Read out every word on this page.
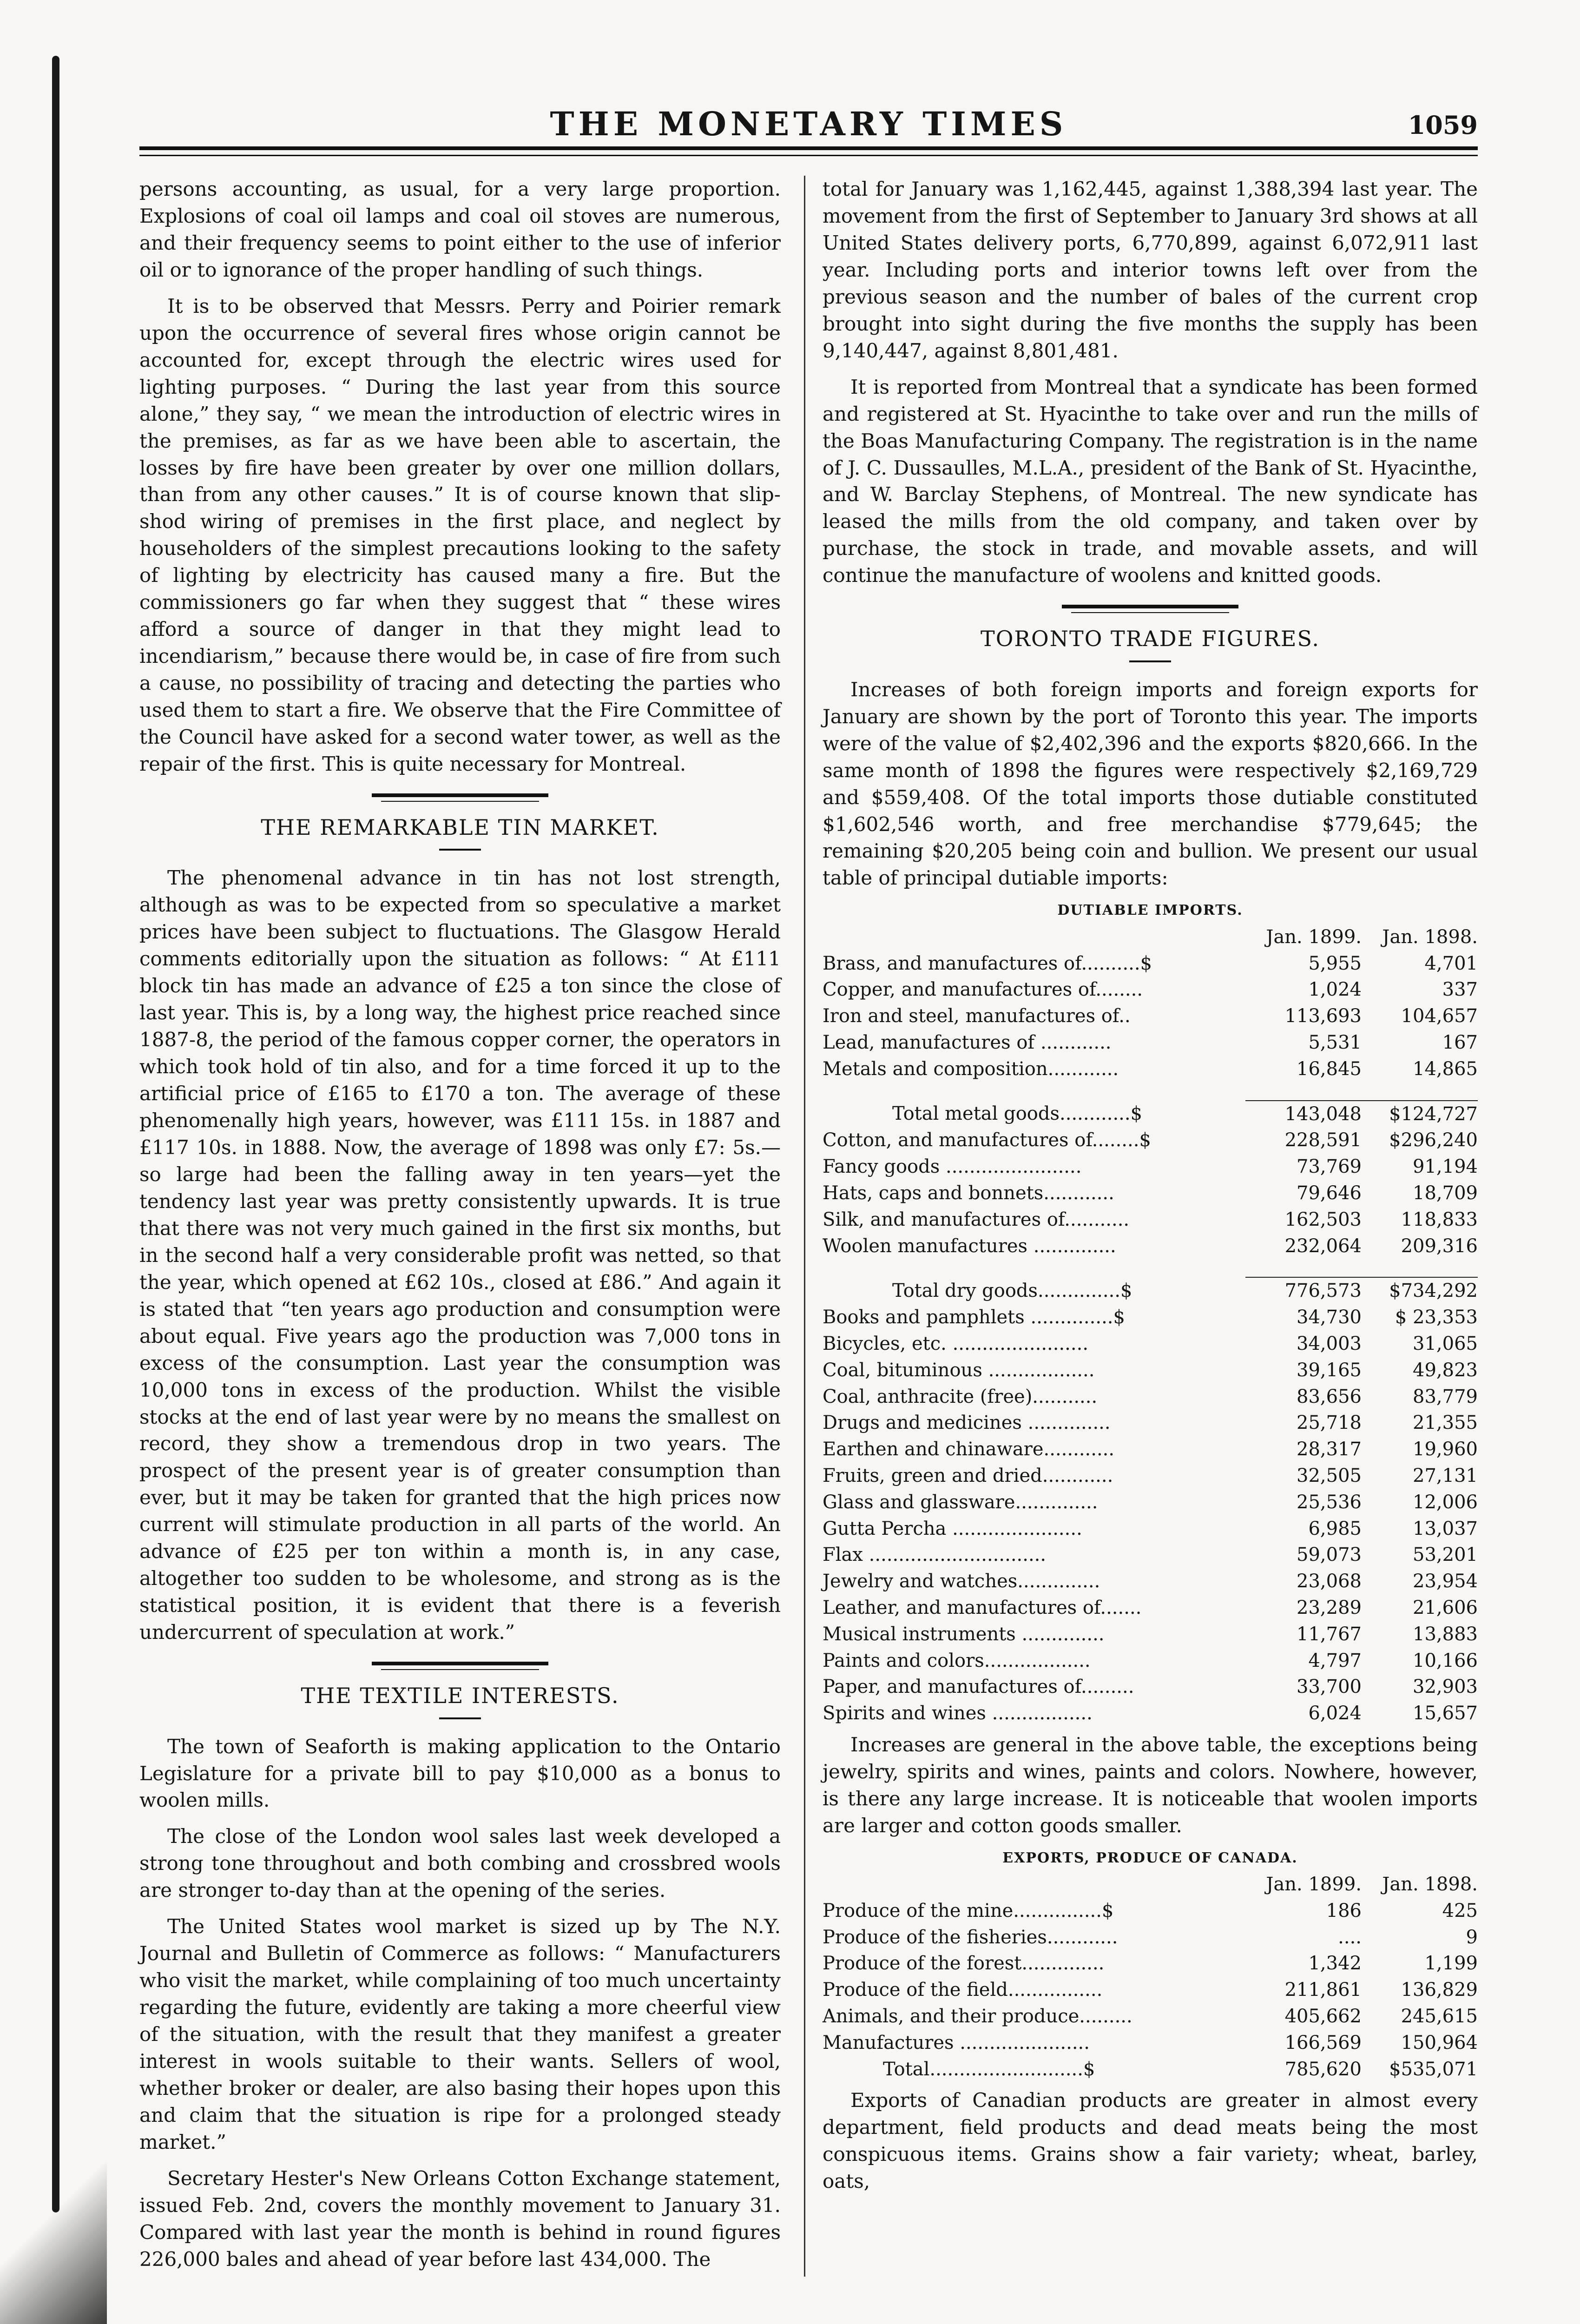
THE MONETARY TIMES	1059

persons accounting, as usual, for a very large proportion. Explosions of coal oil lamps and coal oil stoves are numerous, and their frequency seems to point either to the use of inferior oil or to ignorance of the proper handling of such things.

It is to be observed that Messrs. Perry and Poirier remark upon the occurrence of several fires whose origin cannot be accounted for, except through the electric wires used for lighting purposes. “ During the last year from this source alone,” they say, “ we mean the introduction of electric wires in the premises, as far as we have been able to ascertain, the losses by fire have been greater by over one million dollars, than from any other causes.” It is of course known that slip-shod wiring of premises in the first place, and neglect by householders of the simplest precautions looking to the safety of lighting by electricity has caused many a fire. But the commissioners go far when they suggest that “ these wires afford a source of danger in that they might lead to incendiarism,” because there would be, in case of fire from such a cause, no possibility of tracing and detecting the parties who used them to start a fire. We observe that the Fire Committee of the Council have asked for a second water tower, as well as the repair of the first. This is quite necessary for Montreal.

THE REMARKABLE TIN MARKET.

The phenomenal advance in tin has not lost strength, although as was to be expected from so speculative a market prices have been subject to fluctuations. The Glasgow Herald comments editorially upon the situation as follows: “ At £111 block tin has made an advance of £25 a ton since the close of last year. This is, by a long way, the highest price reached since 1887-8, the period of the famous copper corner, the operators in which took hold of tin also, and for a time forced it up to the artificial price of £165 to £170 a ton. The average of these phenomenally high years, however, was £111 15s. in 1887 and £117 10s. in 1888. Now, the average of 1898 was only £7: 5s.—so large had been the falling away in ten years—yet the tendency last year was pretty consistently upwards. It is true that there was not very much gained in the first six months, but in the second half a very considerable profit was netted, so that the year, which opened at £62 10s., closed at £86.” And again it is stated that “ten years ago production and consumption were about equal. Five years ago the production was 7,000 tons in excess of the consumption. Last year the consumption was 10,000 tons in excess of the production. Whilst the visible stocks at the end of last year were by no means the smallest on record, they show a tremendous drop in two years. The prospect of the present year is of greater consumption than ever, but it may be taken for granted that the high prices now current will stimulate production in all parts of the world. An advance of £25 per ton within a month is, in any case, altogether too sudden to be wholesome, and strong as is the statistical position, it is evident that there is a feverish undercurrent of speculation at work.”

THE TEXTILE INTERESTS.

The town of Seaforth is making application to the Ontario Legislature for a private bill to pay $10,000 as a bonus to woolen mills.

The close of the London wool sales last week developed a strong tone throughout and both combing and crossbred wools are stronger to-day than at the opening of the series.

The United States wool market is sized up by The N.Y. Journal and Bulletin of Commerce as follows: “ Manufacturers who visit the market, while complaining of too much uncertainty regarding the future, evidently are taking a more cheerful view of the situation, with the result that they manifest a greater interest in wools suitable to their wants. Sellers of wool, whether broker or dealer, are also basing their hopes upon this and claim that the situation is ripe for a prolonged steady market.”

Secretary Hester's New Orleans Cotton Exchange statement, issued Feb. 2nd, covers the monthly movement to January 31. Compared with last year the month is behind in round figures 226,000 bales and ahead of year before last 434,000. The

total for January was 1,162,445, against 1,388,394 last year. The movement from the first of September to January 3rd shows at all United States delivery ports, 6,770,899, against 6,072,911 last year. Including ports and interior towns left over from the previous season and the number of bales of the current crop brought into sight during the five months the supply has been 9,140,447, against 8,801,481.

It is reported from Montreal that a syndicate has been formed and registered at St. Hyacinthe to take over and run the mills of the Boas Manufacturing Company. The registration is in the name of J. C. Dussaulles, M.L.A., president of the Bank of St. Hyacinthe, and W. Barclay Stephens, of Montreal. The new syndicate has leased the mills from the old company, and taken over by purchase, the stock in trade, and movable assets, and will continue the manufacture of woolens and knitted goods.

TORONTO TRADE FIGURES.

Increases of both foreign imports and foreign exports for January are shown by the port of Toronto this year. The imports were of the value of $2,402,396 and the exports $820,666. In the same month of 1898 the figures were respectively $2,169,729 and $559,408. Of the total imports those dutiable constituted $1,602,546 worth, and free merchandise $779,645; the remaining $20,205 being coin and bullion. We present our usual table of principal dutiable imports:

DUTIABLE IMPORTS.
	Jan. 1899.	Jan. 1898.
Brass, and manufactures of..........$	5,955	4,701
Copper, and manufactures of........	1,024	337
Iron and steel, manufactures of..	113,693	104,657
Lead, manufactures of ............	5,531	167
Metals and composition............	16,845	14,865

Total metal goods............$	143,048	$124,727
Cotton, and manufactures of........$	228,591	$296,240
Fancy goods .......................	73,769	91,194
Hats, caps and bonnets............	79,646	18,709
Silk, and manufactures of...........	162,503	118,833
Woolen manufactures ..............	232,064	209,316

Total dry goods..............$	776,573	$734,292
Books and pamphlets ..............$	34,730	$ 23,353
Bicycles, etc. .......................	34,003	31,065
Coal, bituminous ..................	39,165	49,823
Coal, anthracite (free)...........	83,656	83,779
Drugs and medicines ..............	25,718	21,355
Earthen and chinaware............	28,317	19,960
Fruits, green and dried............	32,505	27,131
Glass and glassware..............	25,536	12,006
Gutta Percha ......................	6,985	13,037
Flax ..............................	59,073	53,201
Jewelry and watches..............	23,068	23,954
Leather, and manufactures of.......	23,289	21,606
Musical instruments ..............	11,767	13,883
Paints and colors..................	4,797	10,166
Paper, and manufactures of.........	33,700	32,903
Spirits and wines .................	6,024	15,657

Increases are general in the above table, the exceptions being jewelry, spirits and wines, paints and colors. Nowhere, however, is there any large increase. It is noticeable that woolen imports are larger and cotton goods smaller.

EXPORTS, PRODUCE OF CANADA.
	Jan. 1899.	Jan. 1898.
Produce of the mine...............$	186	425
Produce of the fisheries............	....	9
Produce of the forest..............	1,342	1,199
Produce of the field................	211,861	136,829
Animals, and their produce.........	405,662	245,615
Manufactures ......................	166,569	150,964
Total..........................$	785,620	$535,071

Exports of Canadian products are greater in almost every department, field products and dead meats being the most conspicuous items. Grains show a fair variety; wheat, barley, oats,
